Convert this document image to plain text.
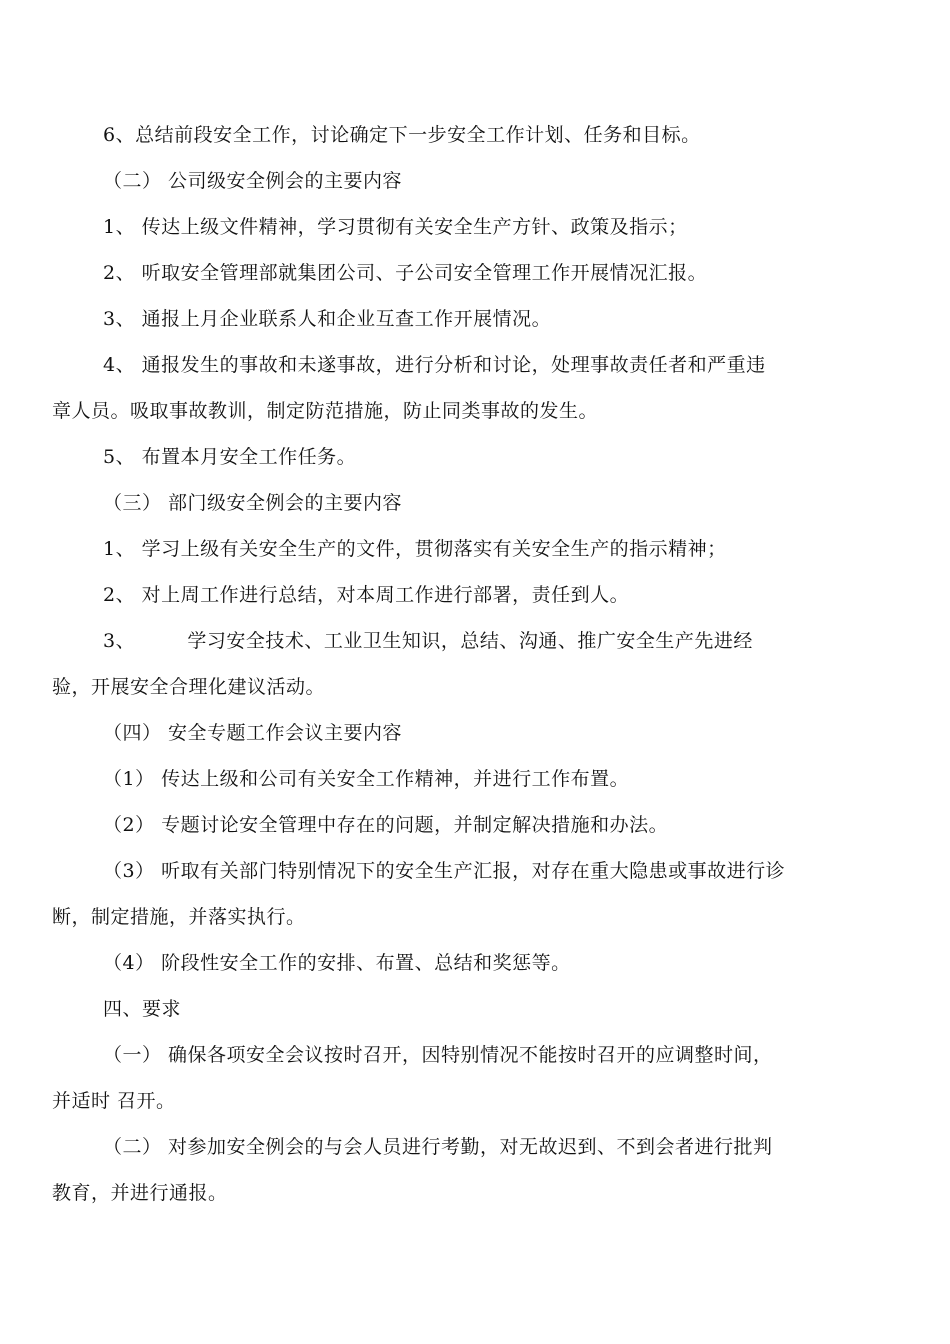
6、总结前段安全工作，讨论确定下一步安全工作计划、任务和目标。
（二） 公司级安全例会的主要内容
1、 传达上级文件精神，学习贯彻有关安全生产方针、政策及指示；
2、 听取安全管理部就集团公司、子公司安全管理工作开展情况汇报。
3、 通报上月企业联系人和企业互查工作开展情况。
4、 通报发生的事故和未遂事故，进行分析和讨论，处理事故责任者和严重违
章人员。吸取事故教训，制定防范措施，防止同类事故的发生。
5、 布置本月安全工作任务。
（三） 部门级安全例会的主要内容
1、 学习上级有关安全生产的文件，贯彻落实有关安全生产的指示精神；
2、 对上周工作进行总结，对本周工作进行部署，责任到人。
3、        学习安全技术、工业卫生知识，总结、沟通、推广安全生产先进经
验，开展安全合理化建议活动。
（四） 安全专题工作会议主要内容
（1） 传达上级和公司有关安全工作精神，并进行工作布置。
（2） 专题讨论安全管理中存在的问题，并制定解决措施和办法。
（3） 听取有关部门特别情况下的安全生产汇报，对存在重大隐患或事故进行诊
断，制定措施，并落实执行。
（4） 阶段性安全工作的安排、布置、总结和奖惩等。
四、要求
（一） 确保各项安全会议按时召开，因特别情况不能按时召开的应调整时间，
并适时 召开。
（二） 对参加安全例会的与会人员进行考勤，对无故迟到、不到会者进行批判
教育，并进行通报。
